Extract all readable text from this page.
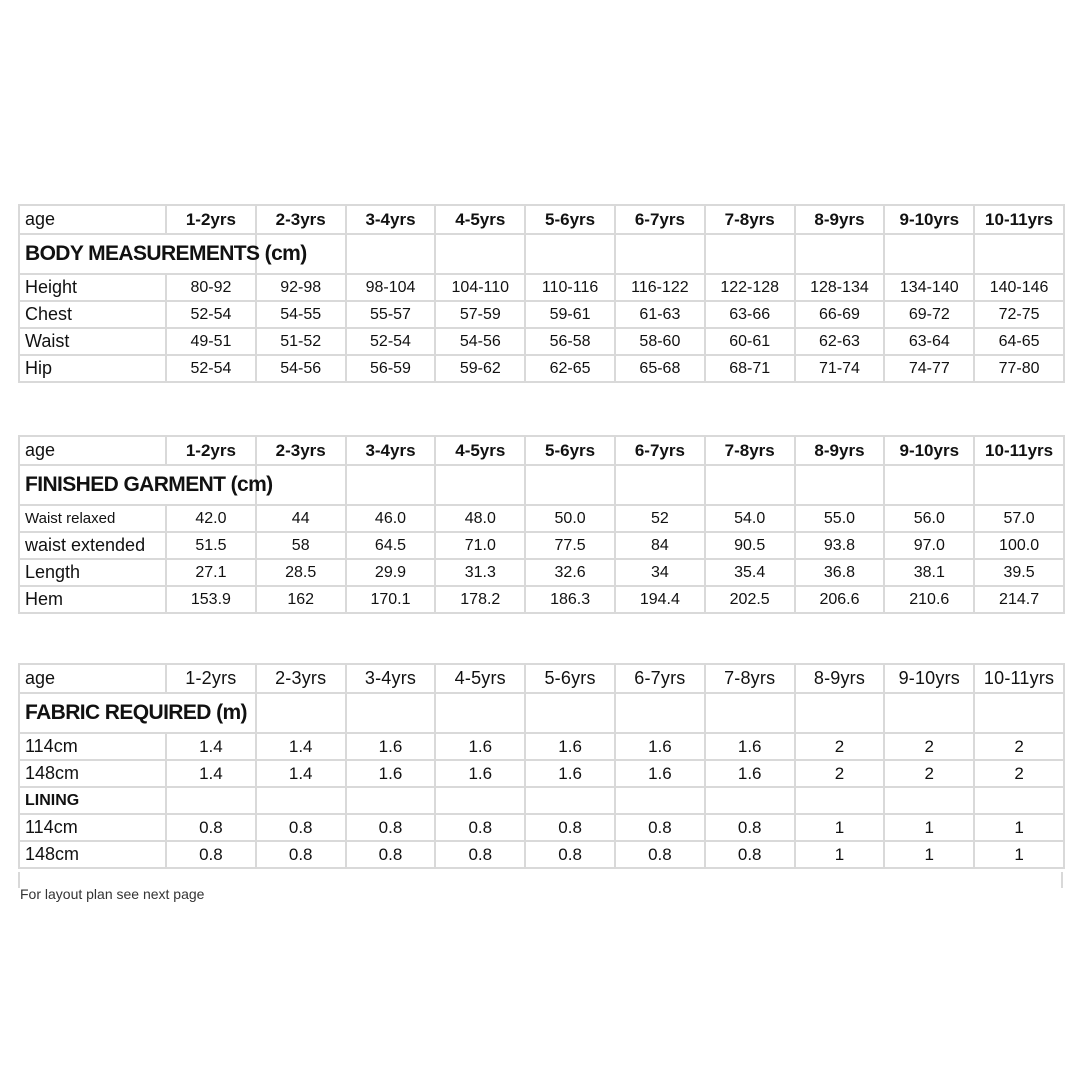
age	1-2yrs	2-3yrs	3-4yrs	4-5yrs	5-6yrs	6-7yrs	7-8yrs	8-9yrs	9-10yrs	10-11yrs
BODY MEASUREMENTS (cm)										
Height	80-92	92-98	98-104	104-110	110-116	116-122	122-128	128-134	134-140	140-146
Chest	52-54	54-55	55-57	57-59	59-61	61-63	63-66	66-69	69-72	72-75
Waist	49-51	51-52	52-54	54-56	56-58	58-60	60-61	62-63	63-64	64-65
Hip	52-54	54-56	56-59	59-62	62-65	65-68	68-71	71-74	74-77	77-80
age	1-2yrs	2-3yrs	3-4yrs	4-5yrs	5-6yrs	6-7yrs	7-8yrs	8-9yrs	9-10yrs	10-11yrs
FINISHED GARMENT (cm)										
Waist relaxed	42.0	44	46.0	48.0	50.0	52	54.0	55.0	56.0	57.0
waist extended	51.5	58	64.5	71.0	77.5	84	90.5	93.8	97.0	100.0
Length	27.1	28.5	29.9	31.3	32.6	34	35.4	36.8	38.1	39.5
Hem	153.9	162	170.1	178.2	186.3	194.4	202.5	206.6	210.6	214.7
age	1-2yrs	2-3yrs	3-4yrs	4-5yrs	5-6yrs	6-7yrs	7-8yrs	8-9yrs	9-10yrs	10-11yrs
FABRIC REQUIRED (m)										
114cm	1.4	1.4	1.6	1.6	1.6	1.6	1.6	2	2	2
148cm	1.4	1.4	1.6	1.6	1.6	1.6	1.6	2	2	2
LINING										
114cm	0.8	0.8	0.8	0.8	0.8	0.8	0.8	1	1	1
148cm	0.8	0.8	0.8	0.8	0.8	0.8	0.8	1	1	1
For layout plan see next page
